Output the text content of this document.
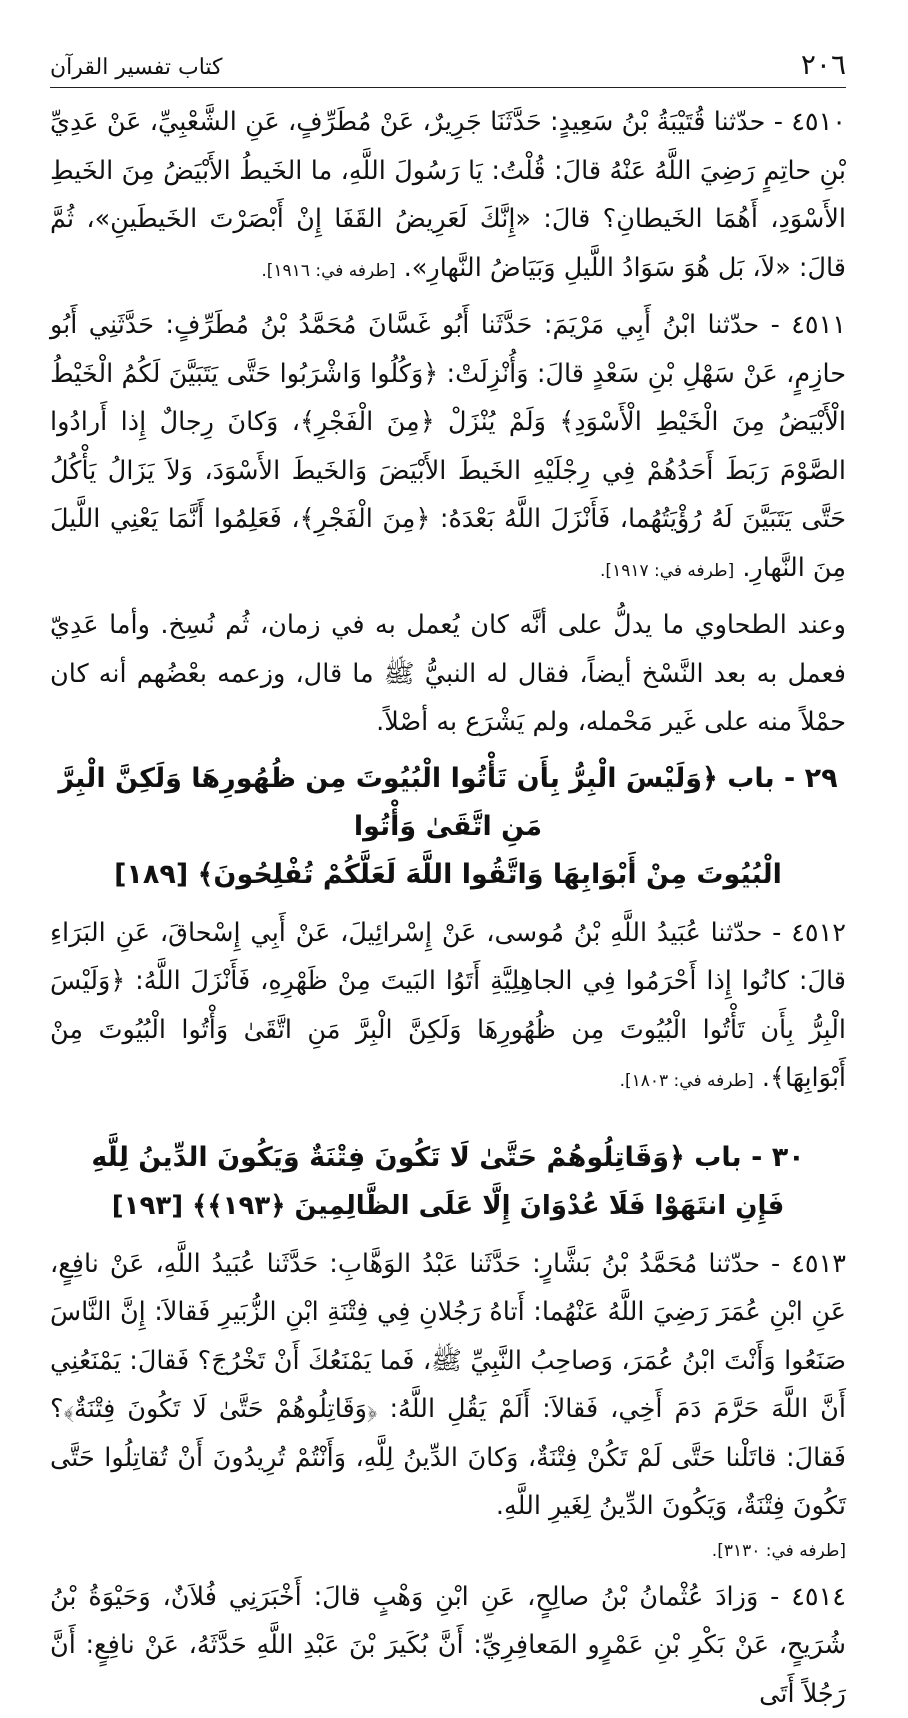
٢٠٦
كتاب تفسير القرآن

٤٥١٠ - حدّثنا قُتَيْبَةُ بْنُ سَعِيدٍ: حَدَّثَنَا جَرِيرٌ، عَنْ مُطَرِّفٍ، عَنِ الشَّعْبِيِّ، عَنْ عَدِيِّ بْنِ حاتِمٍ رَضِيَ اللَّهُ عَنْهُ قالَ: قُلْتُ: يَا رَسُولَ اللَّهِ، ما الخَيطُ الأَبْيَضُ مِنَ الخَيطِ الأَسْوَدِ، أَهُمَا الخَيطانِ؟ قالَ: «إِنَّكَ لَعَرِيضُ القَفَا إِنْ أَبْصَرْتَ الخَيطَينِ»، ثُمَّ قالَ: «لاَ، بَل هُوَ سَوَادُ اللَّيلِ وَبَيَاضُ النَّهارِ». [طرفه في: ١٩١٦].

٤٥١١ - حدّثنا ابْنُ أَبِي مَرْيَمَ: حَدَّثَنا أَبُو غَسَّانَ مُحَمَّدُ بْنُ مُطَرِّفٍ: حَدَّثَنِي أَبُو حازِمٍ، عَنْ سَهْلِ بْنِ سَعْدٍ قالَ: وَأُنْزِلَتْ: ﴿وَكُلُوا وَاشْرَبُوا حَتَّى يَتَبَيَّنَ لَكُمُ الْخَيْطُ الْأَبْيَضُ مِنَ الْخَيْطِ الْأَسْوَدِ﴾ وَلَمْ يُنْزَلْ ﴿مِنَ الْفَجْرِ﴾، وَكانَ رِجالٌ إِذا أَرادُوا الصَّوْمَ رَبَطَ أَحَدُهُمْ فِي رِجْلَيْهِ الخَيطَ الأَبْيَضَ وَالخَيطَ الأَسْوَدَ، وَلاَ يَزَالُ يَأْكُلُ حَتَّى يَتَبَيَّنَ لَهُ رُؤْيَتُهُما، فَأَنْزَلَ اللَّهُ بَعْدَهُ: ﴿مِنَ الْفَجْرِ﴾، فَعَلِمُوا أَنَّمَا يَعْنِي اللَّيلَ مِنَ النَّهارِ. [طرفه في: ١٩١٧].

وعند الطحاوي ما يدلُّ على أنَّه كان يُعمل به في زمان، ثُم نُسِخ. وأما عَدِيّ فعمل به بعد النَّسْخ أيضاً، فقال له النبيُّ ﷺ ما قال، وزعمه بعْضُهم أنه كان حمْلاً منه على غَير مَحْمله، ولم يَشْرَع به أصْلاً.

٢٩ - باب ﴿وَلَيْسَ الْبِرُّ بِأَن تَأْتُوا الْبُيُوتَ مِن ظُهُورِهَا وَلَكِنَّ الْبِرَّ مَنِ اتَّقَىٰ وَأْتُوا
الْبُيُوتَ مِنْ أَبْوَابِهَا وَاتَّقُوا اللَّهَ لَعَلَّكُمْ تُفْلِحُونَ﴾ [١٨٩]

٤٥١٢ - حدّثنا عُبَيدُ اللَّهِ بْنُ مُوسى، عَنْ إِسْرائِيلَ، عَنْ أَبِي إِسْحاقَ، عَنِ البَرَاءِ قالَ: كانُوا إِذا أَحْرَمُوا فِي الجاهِلِيَّةِ أَتَوُا البَيتَ مِنْ ظَهْرِهِ، فَأَنْزَلَ اللَّهُ: ﴿وَلَيْسَ الْبِرُّ بِأَن تَأْتُوا الْبُيُوتَ مِن ظُهُورِهَا وَلَكِنَّ الْبِرَّ مَنِ اتَّقَىٰ وَأْتُوا الْبُيُوتَ مِنْ أَبْوَابِهَا﴾. [طرفه في: ١٨٠٣].

٣٠ - باب ﴿وَقَاتِلُوهُمْ حَتَّىٰ لَا تَكُونَ فِتْنَةٌ وَيَكُونَ الدِّينُ لِلَّهِ
فَإِنِ انتَهَوْا فَلَا عُدْوَانَ إِلَّا عَلَى الظَّالِمِينَ ﴿١٩٣﴾﴾ [١٩٣]

٤٥١٣ - حدّثنا مُحَمَّدُ بْنُ بَشَّارٍ: حَدَّثَنا عَبْدُ الوَهَّابِ: حَدَّثَنا عُبَيدُ اللَّهِ، عَنْ نافِعٍ، عَنِ ابْنِ عُمَرَ رَضِيَ اللَّهُ عَنْهُما: أَتاهُ رَجُلانِ فِي فِتْنَةِ ابْنِ الزُّبَيرِ فَقالاَ: إِنَّ النَّاسَ صَنَعُوا وَأَنْتَ ابْنُ عُمَرَ، وَصاحِبُ النَّبِيِّ ﷺ، فَما يَمْنَعُكَ أَنْ تَخْرُجَ؟ فَقالَ: يَمْنَعُنِي أَنَّ اللَّهَ حَرَّمَ دَمَ أَخِي، فَقالاَ: أَلَمْ يَقُلِ اللَّهُ: ﴿وَقَاتِلُوهُمْ حَتَّىٰ لَا تَكُونَ فِتْنَةٌ﴾؟ فَقالَ: قاتَلْنا حَتَّى لَمْ تَكُنْ فِتْنَةٌ، وَكانَ الدِّينُ لِلَّهِ، وَأَنْتُمْ تُرِيدُونَ أَنْ تُقاتِلُوا حَتَّى تَكُونَ فِتْنَةٌ، وَيَكُونَ الدِّينُ لِغَيرِ اللَّهِ.

[طرفه في: ٣١٣٠].

٤٥١٤ - وَزادَ عُثْمانُ بْنُ صالِحٍ، عَنِ ابْنِ وَهْبٍ قالَ: أَخْبَرَنِي فُلاَنٌ، وَحَيْوَةُ بْنُ شُرَيحٍ، عَنْ بَكْرِ بْنِ عَمْرٍو المَعافِرِيِّ: أَنَّ بُكَيرَ بْنَ عَبْدِ اللَّهِ حَدَّثَهُ، عَنْ نافِعٍ: أَنَّ رَجُلاً أَتَى
